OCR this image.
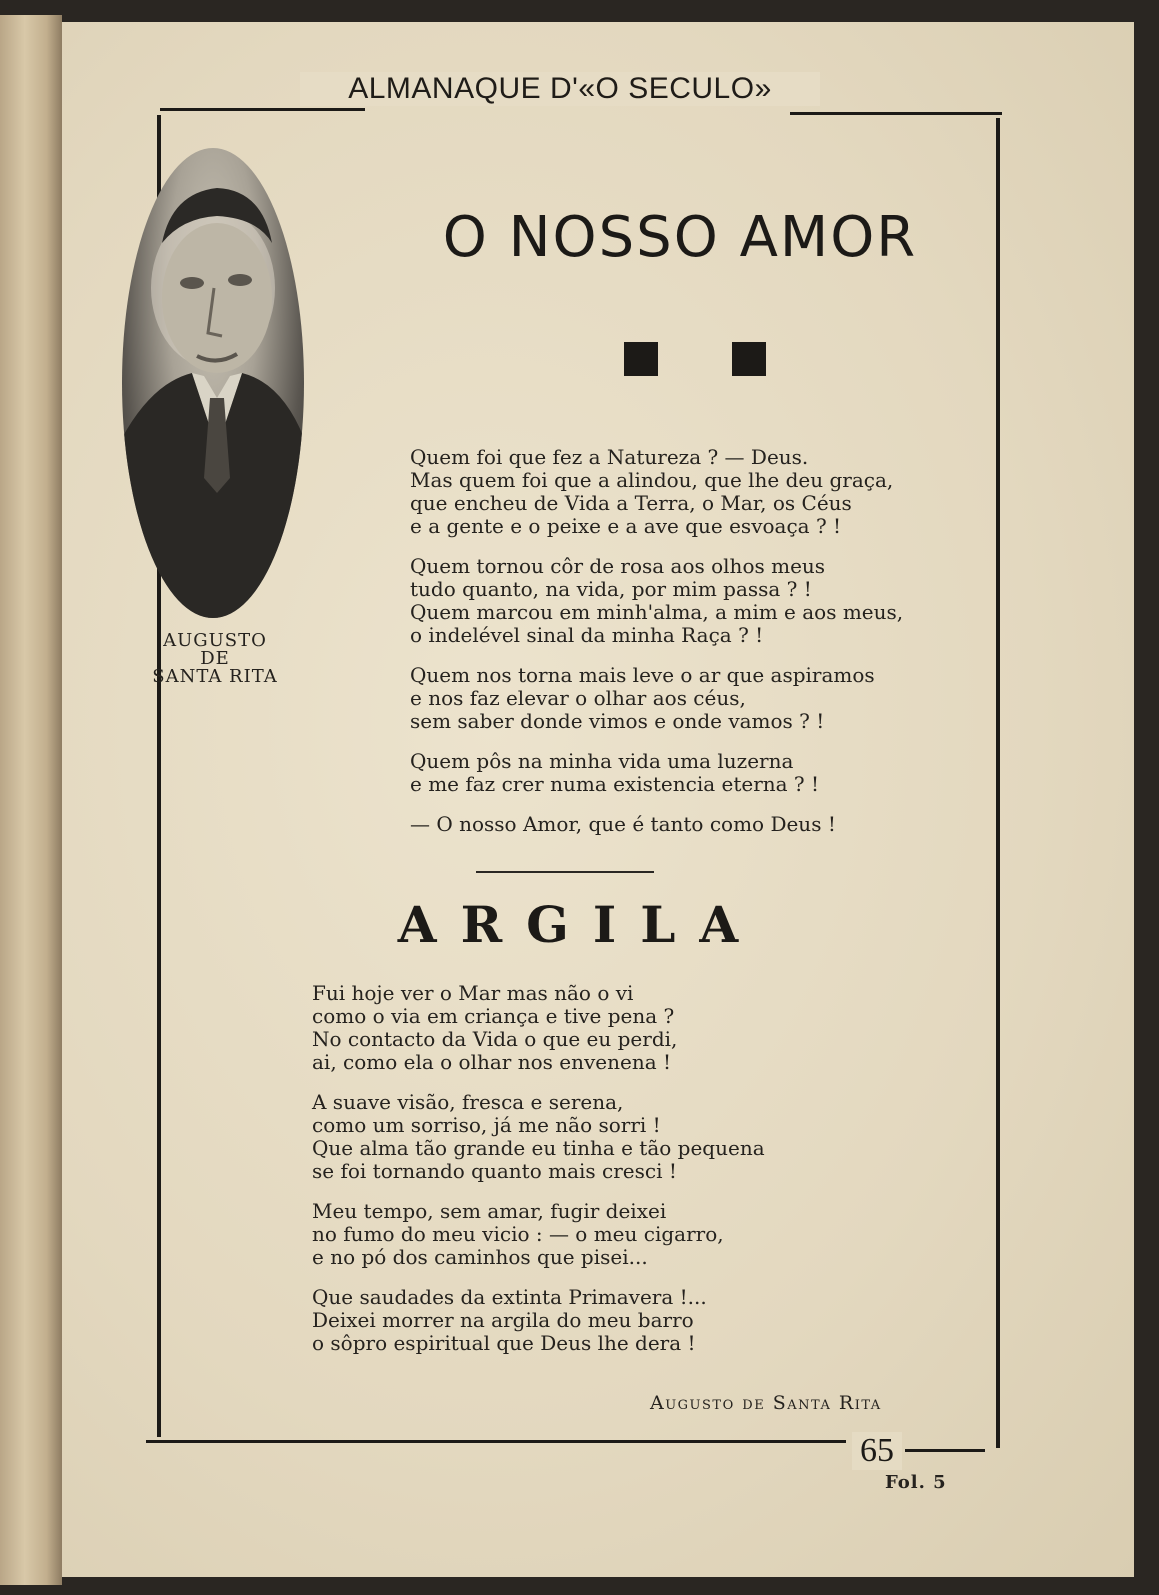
ALMANAQUE D'«O SECULO»
AUGUSTO
DE
SANTA RITA
O NOSSO AMOR
Quem foi que fez a Natureza ? — Deus.
Mas quem foi que a alindou, que lhe deu graça,
que encheu de Vida a Terra, o Mar, os Céus
e a gente e o peixe e a ave que esvoaça ? !
Quem tornou côr de rosa aos olhos meus
tudo quanto, na vida, por mim passa ? !
Quem marcou em minh'alma, a mim e aos meus,
o indelével sinal da minha Raça ? !
Quem nos torna mais leve o ar que aspiramos
e nos faz elevar o olhar aos céus,
sem saber donde vimos e onde vamos ? !
Quem pôs na minha vida uma luzerna
e me faz crer numa existencia eterna ? !
— O nosso Amor, que é tanto como Deus !
ARGILA
Fui hoje ver o Mar mas não o vi
como o via em criança e tive pena ?
No contacto da Vida o que eu perdi,
ai, como ela o olhar nos envenena !
A suave visão, fresca e serena,
como um sorriso, já me não sorri !
Que alma tão grande eu tinha e tão pequena
se foi tornando quanto mais cresci !
Meu tempo, sem amar, fugir deixei
no fumo do meu vicio : — o meu cigarro,
e no pó dos caminhos que pisei...
Que saudades da extinta Primavera !...
Deixei morrer na argila do meu barro
o sôpro espiritual que Deus lhe dera !
Augusto de Santa Rita
65
Fol. 5
